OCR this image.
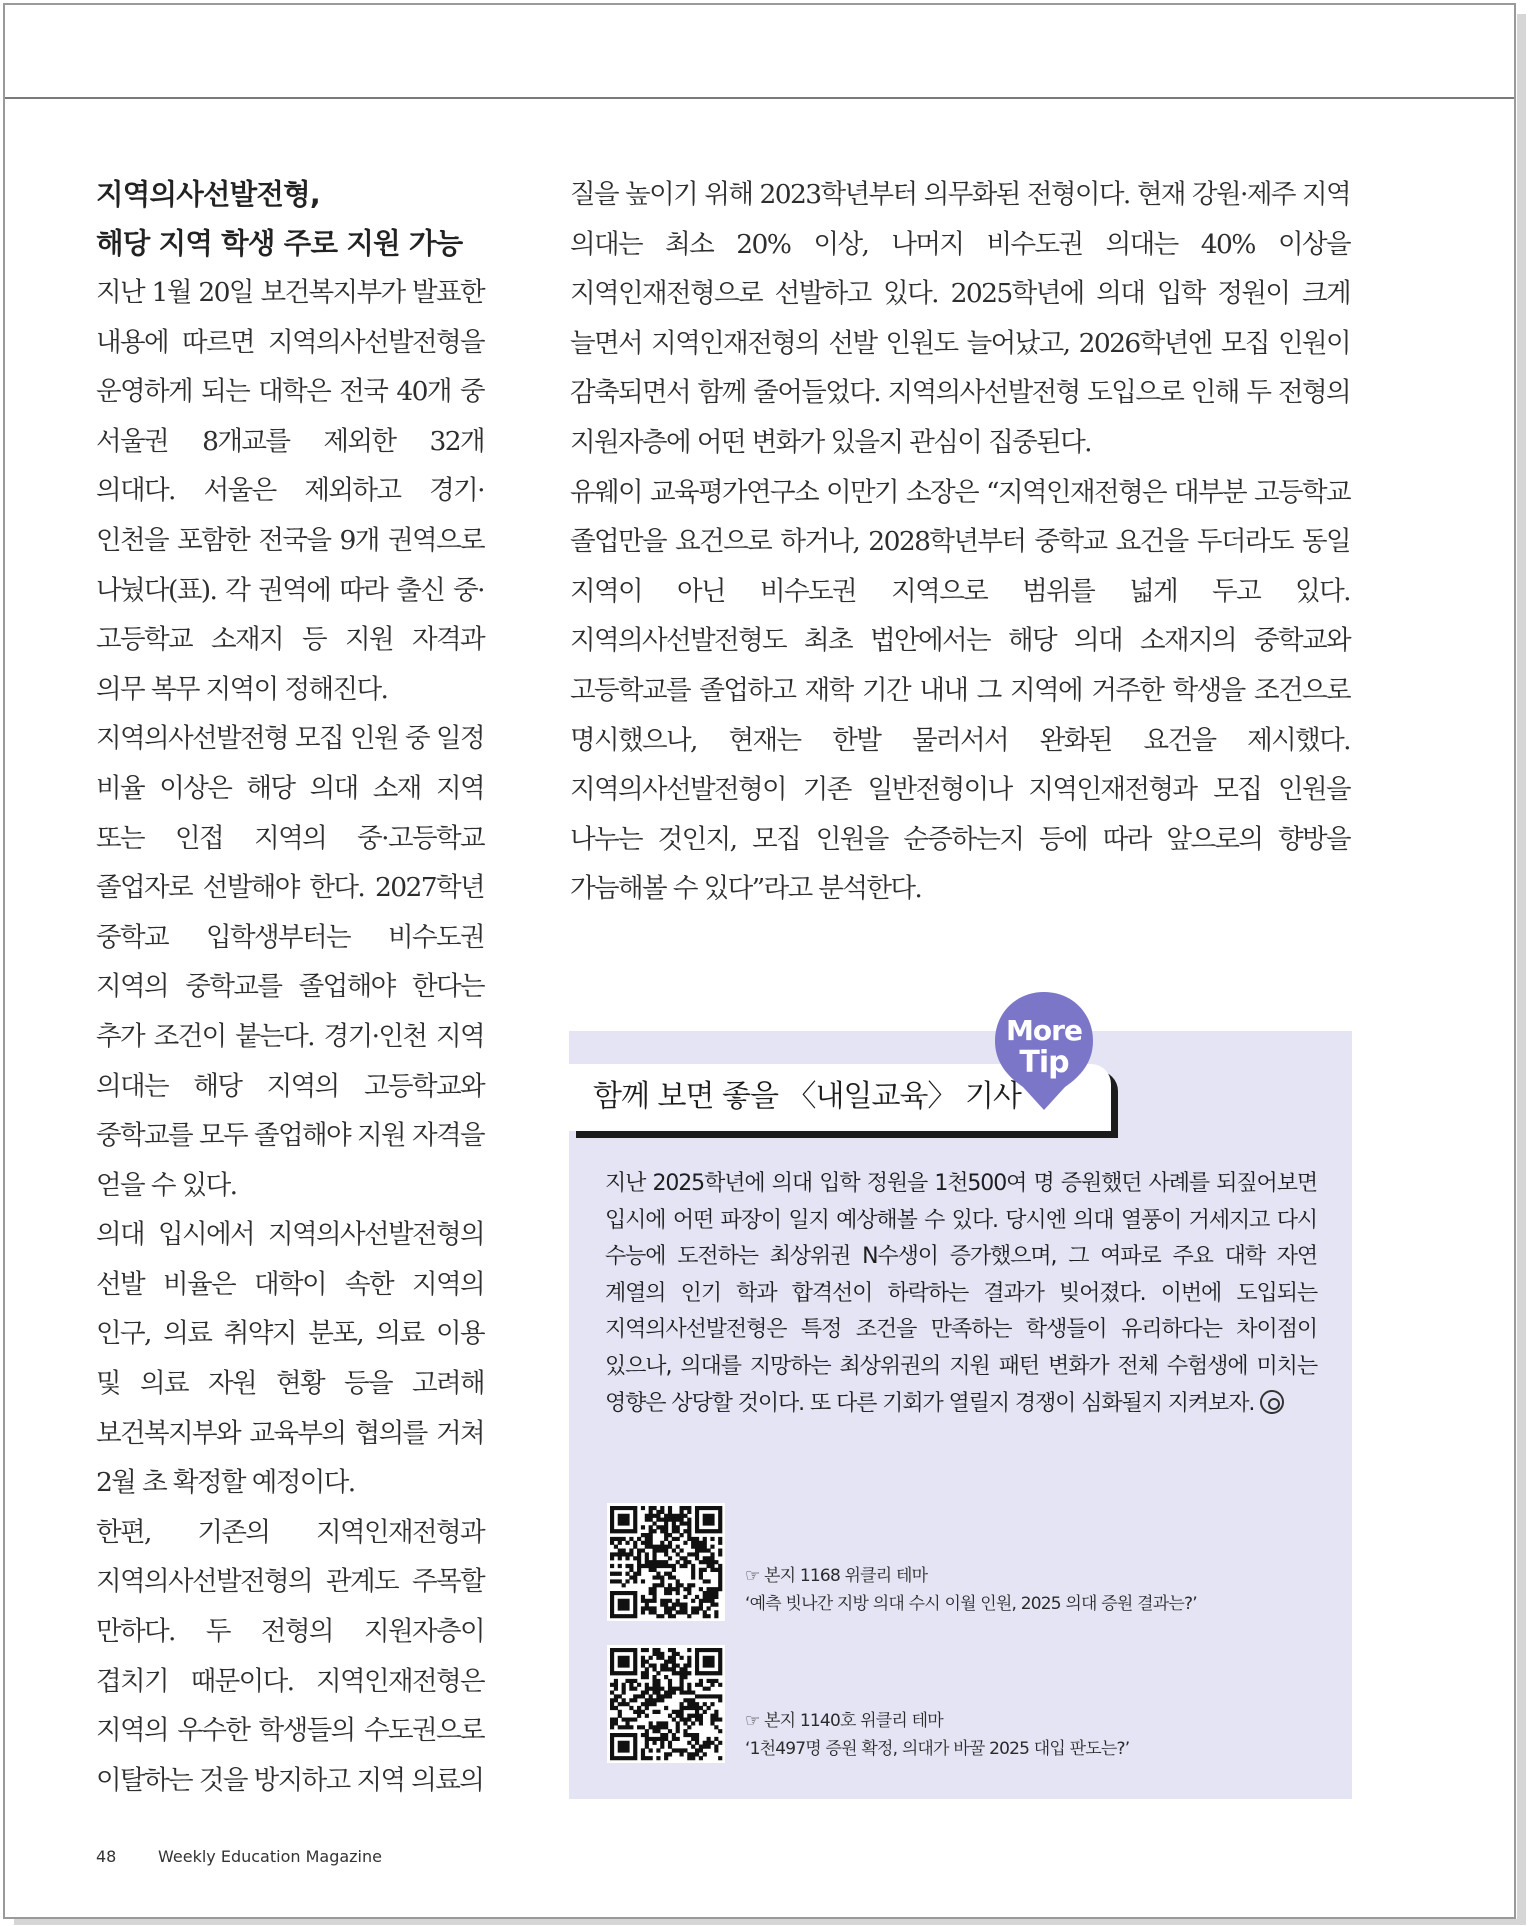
지역의사선발전형,
해당 지역 학생 주로 지원 가능

지난 1월 20일 보건복지부가 발표한 내용에 따르면 지역의사선발전형을 운영하게 되는 대학은 전국 40개 중 서울권 8개교를 제외한 32개 의대다. 서울은 제외하고 경기·인천을 포함한 전국을 9개 권역으로 나눴다(표). 각 권역에 따라 출신 중·고등학교 소재지 등 지원 자격과 의무 복무 지역이 정해진다.

지역의사선발전형 모집 인원 중 일정 비율 이상은 해당 의대 소재 지역 또는 인접 지역의 중·고등학교 졸업자로 선발해야 한다. 2027학년 중학교 입학생부터는 비수도권 지역의 중학교를 졸업해야 한다는 추가 조건이 붙는다. 경기·인천 지역 의대는 해당 지역의 고등학교와 중학교를 모두 졸업해야 지원 자격을 얻을 수 있다.

의대 입시에서 지역의사선발전형의 선발 비율은 대학이 속한 지역의 인구, 의료 취약지 분포, 의료 이용 및 의료 자원 현황 등을 고려해 보건복지부와 교육부의 협의를 거쳐 2월 초 확정할 예정이다.

한편, 기존의 지역인재전형과 지역의사선발전형의 관계도 주목할 만하다. 두 전형의 지원자층이 겹치기 때문이다. 지역인재전형은 지역의 우수한 학생들의 수도권으로 이탈하는 것을 방지하고 지역 의료의

질을 높이기 위해 2023학년부터 의무화된 전형이다. 현재 강원·제주 지역 의대는 최소 20% 이상, 나머지 비수도권 의대는 40% 이상을 지역인재전형으로 선발하고 있다. 2025학년에 의대 입학 정원이 크게 늘면서 지역인재전형의 선발 인원도 늘어났고, 2026학년엔 모집 인원이 감축되면서 함께 줄어들었다. 지역의사선발전형 도입으로 인해 두 전형의 지원자층에 어떤 변화가 있을지 관심이 집중된다.

유웨이 교육평가연구소 이만기 소장은 “지역인재전형은 대부분 고등학교 졸업만을 요건으로 하거나, 2028학년부터 중학교 요건을 두더라도 동일 지역이 아닌 비수도권 지역으로 범위를 넓게 두고 있다. 지역의사선발전형도 최초 법안에서는 해당 의대 소재지의 중학교와 고등학교를 졸업하고 재학 기간 내내 그 지역에 거주한 학생을 조건으로 명시했으나, 현재는 한발 물러서서 완화된 요건을 제시했다. 지역의사선발전형이 기존 일반전형이나 지역인재전형과 모집 인원을 나누는 것인지, 모집 인원을 순증하는지 등에 따라 앞으로의 향방을 가늠해볼 수 있다”라고 분석한다.

함께 보면 좋을 〈내일교육〉 기사
More
Tip
지난 2025학년에 의대 입학 정원을 1천500여 명 증원했던 사례를 되짚어보면 입시에 어떤 파장이 일지 예상해볼 수 있다. 당시엔 의대 열풍이 거세지고 다시 수능에 도전하는 최상위권 N수생이 증가했으며, 그 여파로 주요 대학 자연 계열의 인기 학과 합격선이 하락하는 결과가 빚어졌다. 이번에 도입되는 지역의사선발전형은 특정 조건을 만족하는 학생들이 유리하다는 차이점이 있으나, 의대를 지망하는 최상위권의 지원 패턴 변화가 전체 수험생에 미치는 영향은 상당할 것이다. 또 다른 기회가 열릴지 경쟁이 심화될지 지켜보자.
☞ 본지 1168 위클리 테마
‘예측 빗나간 지방 의대 수시 이월 인원, 2025 의대 증원 결과는?’
☞ 본지 1140호 위클리 테마
‘1천497명 증원 확정, 의대가 바꿀 2025 대입 판도는?’
48	Weekly Education Magazine
